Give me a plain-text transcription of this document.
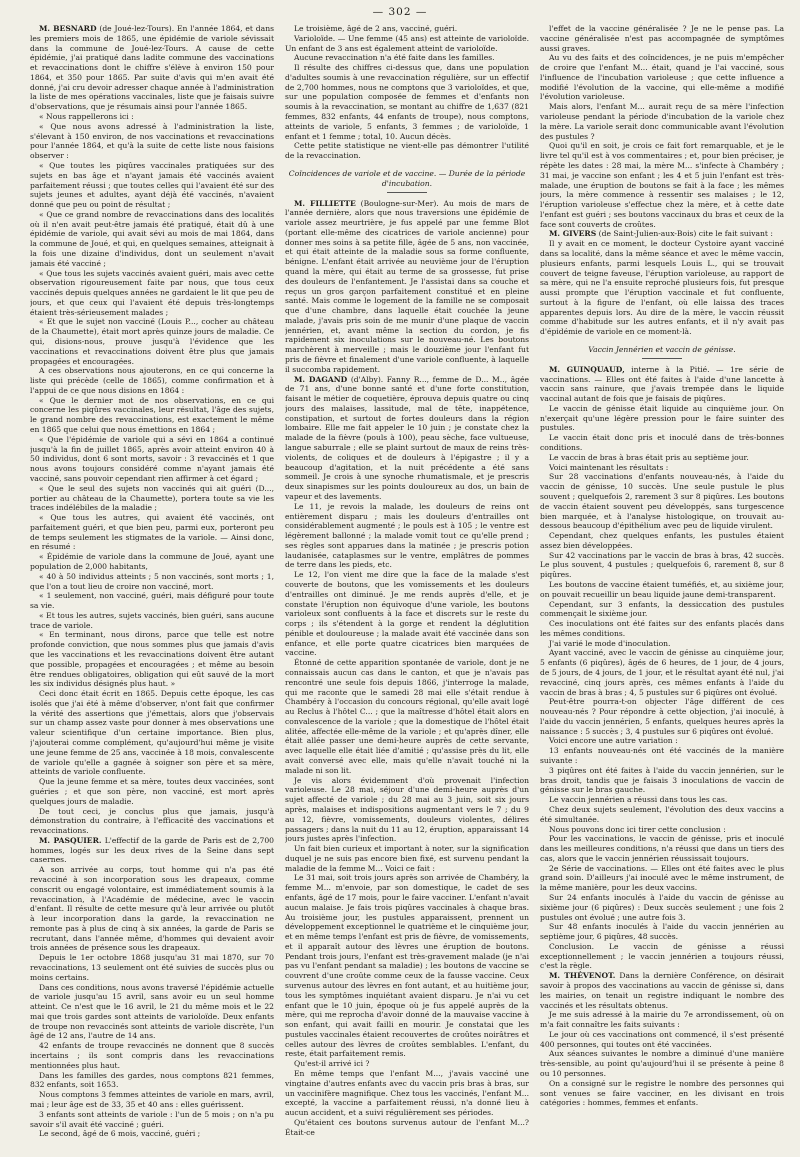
— 302 —

M. BESNARD (de Joué-lez-Tours). En l'année 1864, et dans les premiers mois de 1865, une épidémie de variole sévissait dans la commune de Joué-lez-Tours. A cause de cette épidémie, j'ai pratiqué dans ladite commune des vaccinations et revaccinations dont le chiffre s'élève à environ 150 pour 1864, et 350 pour 1865. Par suite d'avis qui m'en avait été donné, j'ai cru devoir adresser chaque année à l'administration la liste de mes opérations vaccinales, liste que je faisais suivre d'observations, que je résumais ainsi pour l'année 1865.

« Nous rappellerons ici :

« Que nous avons adressé à l'administration la liste, s'élevant à 150 environ, de nos vaccinations et revaccinations pour l'année 1864, et qu'à la suite de cette liste nous faisions observer :

« Que toutes les piqûres vaccinales pratiquées sur des sujets en bas âge et n'ayant jamais été vaccinés avaient parfaitement réussi ; que toutes celles qui l'avaient été sur des sujets jeunes et adultes, ayant déjà été vaccinés, n'avaient donné que peu ou point de résultat ;

« Que ce grand nombre de revaccinations dans des localités où il n'en avait peut-être jamais été pratiqué, était dû à une épidémie de variole, qui avait sévi au mois de mai 1864, dans la commune de Joué, et qui, en quelques semaines, atteignait à la fois une dizaine d'individus, dont un seulement n'avait jamais été vacciné ;

« Que tous les sujets vaccinés avaient guéri, mais avec cette observation rigoureusement faite par nous, que tous ceux vaccinés depuis quelques années ne gardaient le lit que peu de jours, et que ceux qui l'avaient été depuis très-longtemps étaient très-sérieusement malades ;

« Et que le sujet non vacciné (Louis P..., cocher au château de la Chaumette), était mort après quinze jours de maladie. Ce qui, disions-nous, prouve jusqu'à l'évidence que les vaccinations et revaccinations doivent être plus que jamais propagées et encouragées.

A ces observations nous ajouterons, en ce qui concerne la liste qui précède (celle de 1865), comme confirmation et à l'appui de ce que nous disions en 1864 :

« Que le dernier mot de nos observations, en ce qui concerne les piqûres vaccinales, leur résultat, l'âge des sujets, le grand nombre des revaccinations, est exactement le même en 1865 que celui que nous émettions en 1864 ;

« Que l'épidémie de variole qui a sévi en 1864 a continué jusqu'à la fin de juillet 1865, après avoir atteint environ 40 à 50 individus, dont 6 sont morts, savoir : 3 revaccinés et 1 que nous avons toujours considéré comme n'ayant jamais été vacciné, sans pouvoir cependant rien affirmer à cet égard ;

« Que le seul des sujets non vaccinés qui ait guéri (D..., portier au château de la Chaumette), portera toute sa vie les traces indélébiles de la maladie ;

« Que tous les autres, qui avaient été vaccinés, ont parfaitement guéri, et que bien peu, parmi eux, porteront peu de temps seulement les stigmates de la variole. — Ainsi donc, en résumé :

« Épidémie de variole dans la commune de Joué, ayant une population de 2,000 habitants,

« 40 à 50 individus atteints ; 5 non vaccinés, sont morts ; 1, que l'on a tout lieu de croire non vacciné, mort.

« 1 seulement, non vacciné, guéri, mais défiguré pour toute sa vie.

« Et tous les autres, sujets vaccinés, bien guéri, sans aucune trace de variole.

« En terminant, nous dirons, parce que telle est notre profonde conviction, que nous sommes plus que jamais d'avis que les vaccinations et les revaccinations doivent être autant que possible, propagées et encouragées ; et même au besoin être rendues obligatoires, obligation qui eût sauvé de la mort les six individus désignés plus haut. »

Ceci donc était écrit en 1865. Depuis cette époque, les cas isolés que j'ai été à même d'observer, n'ont fait que confirmer la vérité des assertions que j'émettais, alors que j'observais sur un champ assez vaste pour donner à mes observations une valeur scientifique d'un certaine importance. Bien plus, j'ajouterai comme complément, qu'aujourd'hui même je visite une jeune femme de 25 ans, vaccinée à 18 mois, convalescente de variole qu'elle a gagnée à soigner son père et sa mère, atteints de variole confluente.

Que la jeune femme et sa mère, toutes deux vaccinées, sont guéries ; et que son père, non vacciné, est mort après quelques jours de maladie.

De tout ceci, je conclus plus que jamais, jusqu'à démonstration du contraire, à l'efficacité des vaccinations et revaccinations.

M. PASQUIER. L'effectif de la garde de Paris est de 2,700 hommes, logés sur les deux rives de la Seine dans sept casernes.

A son arrivée au corps, tout homme qui n'a pas été revacciné à son incorporation sous les drapeaux, comme conscrit ou engagé volontaire, est immédiatement soumis à la revaccination, à l'Académie de médecine, avec le vaccin d'enfant. Il résulte de cette mesure qu'à leur arrivée ou plutôt à leur incorporation dans la garde, la revaccination ne remonte pas à plus de cinq à six années, la garde de Paris se recrutant, dans l'année même, d'hommes qui devaient avoir trois années de présence sous les drapeaux.

Depuis le 1er octobre 1868 jusqu'au 31 mai 1870, sur 70 revaccinations, 13 seulement ont été suivies de succès plus ou moins certains.

Dans ces conditions, nous avons traversé l'épidémie actuelle de variole jusqu'au 15 avril, sans avoir eu un seul homme atteint. Ce n'est que le 16 avril, le 21 du même mois et le 22 mai que trois gardes sont atteints de varioloïde. Deux enfants de troupe non revaccinés sont atteints de variole discrète, l'un âgé de 12 ans, l'autre de 14 ans.

42 enfants de troupe revaccinés ne donnent que 8 succès incertains ; ils sont compris dans les revaccinations mentionnées plus haut.

Dans les familles des gardes, nous comptons 821 femmes, 832 enfants, soit 1653.

Nous comptons 3 femmes atteintes de variole en mars, avril, mai ; leur âge est de 33, 35 et 40 ans : elles guérissent.

3 enfants sont atteints de variole : l'un de 5 mois ; on n'a pu savoir s'il avait été vacciné ; guéri.

Le second, âgé de 6 mois, vacciné, guéri ;

Le troisième, âgé de 2 ans, vacciné, guéri.

Varioloïde. — Une femme (45 ans) est atteinte de varioloïde. Un enfant de 3 ans est également atteint de varioloïde.

Aucune revaccination n'a été faite dans les familles.

Il résulte des chiffres ci-dessus que, dans une population d'adultes soumis à une revaccination régulière, sur un effectif de 2,700 hommes, nous ne comptons que 3 varioloïdes, et que, sur une population composée de femmes et d'enfants non soumis à la revaccination, se montant au chiffre de 1,637 (821 femmes, 832 enfants, 44 enfants de troupe), nous comptons, atteints de variole, 5 enfants, 3 femmes ; de varioloïde, 1 enfant et 1 femme ; total, 10. Aucun décès.

Cette petite statistique ne vient-elle pas démontrer l'utilité de la revaccination.

Coïncidences de variole et de vaccine. — Durée de la période d'incubation.

M. FILLIETTE (Boulogne-sur-Mer). Au mois de mars de l'année dernière, alors que nous traversions une épidémie de variole assez meurtrière, je fus appelé par une femme Blot (portant elle-même des cicatrices de variole ancienne) pour donner mes soins à sa petite fille, âgée de 5 ans, non vaccinée, et qui était atteinte de la maladie sous sa forme confluente, bénigne. L'enfant était arrivée au neuvième jour de l'éruption quand la mère, qui était au terme de sa grossesse, fut prise des douleurs de l'enfantement. Je l'assistai dans sa couche et reçus un gros garçon parfaitement constitué et en pleine santé. Mais comme le logement de la famille ne se composait que d'une chambre, dans laquelle était couchée la jeune malade, j'avais pris soin de me munir d'une plaque de vaccin jennérien, et, avant même la section du cordon, je fis rapidement six inoculations sur le nouveau-né. Les boutons marchèrent à merveille ; mais le douzième jour l'enfant fut pris de fièvre et finalement d'une variole confluente, à laquelle il succomba rapidement.

M. DAGAND (d'Alby). Fanny R..., femme de D... M.., âgée de 71 ans, d'une bonne santé et d'une forte constitution, faisant le métier de coquetière, éprouva depuis quatre ou cinq jours des malaises, lassitude, mal de tête, inappétence, constipation, et surtout de fortes douleurs dans la région lombaire. Elle me fait appeler le 10 juin ; je constate chez la malade de la fièvre (pouls à 100), peau sèche, face vultueuse, langue saburrale ; elle se plaint surtout de maux de reins très-violents, de coliques et de douleurs à l'épigastre ; il y a beaucoup d'agitation, et la nuit précédente a été sans sommeil. Je crois à une synoche rhumatismale, et je prescris deux sinapismes sur les points douloureux au dos, un bain de vapeur et des lavements.

Le 11, je revois la malade, les douleurs de reins ont entièrement disparu ; mais les douleurs d'entrailles ont considérablement augmenté ; le pouls est à 105 ; le ventre est légèrement ballonné ; la malade vomit tout ce qu'elle prend ; ses règles sont apparues dans la matinée ; je prescris potion laudanisée, cataplasmes sur le ventre, emplâtres de pommes de terre dans les pieds, etc.

Le 12, l'on vient me dire que la face de la malade s'est couverte de boutons, que les vomissements et les douleurs d'entrailles ont diminué. Je me rends auprès d'elle, et je constate l'éruption non équivoque d'une variole, les boutons varioleux sont confluents à la face et discrets sur le reste du corps ; ils s'étendent à la gorge et rendent la déglutition pénible et douloureuse ; la malade avait été vaccinée dans son enfance, et elle porte quatre cicatrices bien marquées de vaccine.

Étonné de cette apparition spontanée de variole, dont je ne connaissais aucun cas dans le canton, et que je n'avais pas rencontré une seule fois depuis 1866, j'interroge la malade, qui me raconte que le samedi 28 mai elle s'était rendue à Chambéry à l'occasion du concours régional, qu'elle avait logé au Reclus à l'hôtel C... ; que la maîtresse d'hôtel était alors en convalescence de la variole ; que la domestique de l'hôtel était alitée, affectée elle-même de la variole ; et qu'après dîner, elle était allée passer une demi-heure auprès de cette servante, avec laquelle elle était liée d'amitié ; qu'assise près du lit, elle avait conversé avec elle, mais qu'elle n'avait touché ni la malade ni son lit.

Je vis alors évidemment d'où provenait l'infection varioleuse. Le 28 mai, séjour d'une demi-heure auprès d'un sujet affecté de variole ; du 28 mai au 3 juin, soit six jours après, malaises et indispositions augmentant vers le 7 ; du 9 au 12, fièvre, vomissements, douleurs violentes, délires passagers ; dans la nuit du 11 au 12, éruption, apparaissant 14 jours justes après l'infection.

Un fait bien curieux et important à noter, sur la signification duquel je ne suis pas encore bien fixé, est survenu pendant la maladie de la femme M... Voici ce fait :

Le 31 mai, soit trois jours après son arrivée de Chambéry, la femme M... m'envoie, par son domestique, le cadet de ses enfants, âgé de 17 mois, pour le faire vacciner. L'enfant n'avait aucun malaise. Je fais trois piqûres vaccinales à chaque bras. Au troisième jour, les pustules apparaissent, prennent un développement exceptionnel le quatrième et le cinquième jour, et en même temps l'enfant est pris de fièvre, de vomissements, et il apparaît autour des lèvres une éruption de boutons. Pendant trois jours, l'enfant est très-gravement malade (je n'ai pas vu l'enfant pendant sa maladie) ; les boutons de vaccine se couvrent d'une croûte comme ceux de la fausse vaccine. Ceux survenus autour des lèvres en font autant, et au huitième jour, tous les symptômes inquiétant avaient disparu. Je n'ai vu cet enfant que le 10 juin, époque où je fus appelé auprès de la mère, qui me reprocha d'avoir donné de la mauvaise vaccine à son enfant, qui avait failli en mourir. Je constatai que les pustules vaccinales étaient recouvertes de croûtes noirâtres et celles autour des lèvres de croûtes semblables. L'enfant, du reste, était parfaitement remis.

Qu'est-il arrivé ici ?

En même temps que l'enfant M..., j'avais vacciné une vingtaine d'autres enfants avec du vaccin pris bras à bras, sur un vaccinifère magnifique. Chez tous les vaccinés, l'enfant M... excepté, la vaccine a parfaitement réussi, n'a donné lieu à aucun accident, et a suivi régulièrement ses périodes.

Qu'étaient ces boutons survenus autour de l'enfant M...? Était-ce

l'effet de la vaccine généralisée ? Je ne le pense pas. La vaccine généralisée n'est pas accompagnée de symptômes aussi graves.

Au vu des faits et des coïncidences, je ne puis m'empêcher de croire que l'enfant M... était, quand je l'ai vacciné, sous l'influence de l'incubation varioleuse ; que cette influence a modifié l'évolution de la vaccine, qui elle-même a modifié l'évolution varioleuse.

Mais alors, l'enfant M... aurait reçu de sa mère l'infection varioleuse pendant la période d'incubation de la variole chez la mère. La variole serait donc communicable avant l'évolution des pustules ?

Quoi qu'il en soit, je crois ce fait fort remarquable, et je le livre tel qu'il est à vos commentaires ; et, pour bien préciser, je répète les dates : 28 mai, la mère M... s'infecte à Chambéry ; 31 mai, je vaccine son enfant ; les 4 et 5 juin l'enfant est très-malade, une éruption de boutons se fait à la face ; les mêmes jours, la mère commence à ressentir ses malaises ; le 12, l'éruption varioleuse s'effectue chez la mère, et à cette date l'enfant est guéri ; ses boutons vaccinaux du bras et ceux de la face sont couverts de croûtes.

M. GIVERS (de Saint-Julien-aux-Bois) cite le fait suivant :

Il y avait en ce moment, le docteur Cystoire ayant vacciné dans sa localité, dans la même séance et avec le même vaccin, plusieurs enfants, parmi lesquels Louis L., qui se trouvait couvert de teigne faveuse, l'éruption varioleuse, au rapport de sa mère, qui ne l'a ensuite reproché plusieurs fois, fut presque aussi prompte que l'éruption vaccinale et fut confluente, surtout à la figure de l'enfant, où elle laissa des traces apparentes depuis lors. Au dire de la mère, le vaccin réussit comme d'habitude sur les autres enfants, et il n'y avait pas d'épidémie de variole en ce moment-là.

Vaccin Jennérien et vaccin de génisse.

M. GUINQUAUD, interne à la Pitié. — 1re série de vaccinations. — Elles ont été faites à l'aide d'une lancette à vaccin sans rainure, que j'avais trempée dans le liquide vaccinal autant de fois que je faisais de piqûres.

Le vaccin de génisse était liquide au cinquième jour. On n'exerçait qu'une légère pression pour le faire suinter des pustules.

Le vaccin était donc pris et inoculé dans de très-bonnes conditions.

Le vaccin de bras à bras était pris au septième jour.

Voici maintenant les résultats :

Sur 28 vaccinations d'enfants nouveau-nés, à l'aide du vaccin de génisse, 10 succès. Une seule pustule le plus souvent ; quelquefois 2, rarement 3 sur 8 piqûres. Les boutons de vaccin étaient souvent peu développés, sans turgescence bien marquée, et à l'analyse histologique, on trouvait au-dessous beaucoup d'épithélium avec peu de liquide virulent.

Cependant, chez quelques enfants, les pustules étaient assez bien développées.

Sur 42 vaccinations par le vaccin de bras à bras, 42 succès. Le plus souvent, 4 pustules ; quelquefois 6, rarement 8, sur 8 piqûres.

Les boutons de vaccine étaient tuméfiés, et, au sixième jour, on pouvait recueillir un beau liquide jaune demi-transparent.

Cependant, sur 3 enfants, la dessiccation des pustules commençait le sixième jour.

Ces inoculations ont été faites sur des enfants placés dans les mêmes conditions.

J'ai varié le mode d'inoculation.

Ayant vacciné, avec le vaccin de génisse au cinquième jour, 5 enfants (6 piqûres), âgés de 6 heures, de 1 jour, de 4 jours, de 5 jours, de 4 jours, de 1 jour, et le résultat ayant été nul, j'ai revacciné, cinq jours après, ces mêmes enfants à l'aide du vaccin de bras à bras ; 4, 5 pustules sur 6 piqûres ont évolué.

Peut-être pourra-t-on objecter l'âge différent de ces nouveau-nés ? Pour répondre à cette objection, j'ai inoculé, à l'aide du vaccin jennérien, 5 enfants, quelques heures après la naissance : 5 succès ; 3, 4 pustules sur 6 piqûres ont évolué.

Voici encore une autre variation :

13 enfants nouveau-nés ont été vaccinés de la manière suivante :

3 piqûres ont été faites à l'aide du vaccin jennérien, sur le bras droit, tandis que je faisais 3 inoculations de vaccin de génisse sur le bras gauche.

Le vaccin jennérien a réussi dans tous les cas.

Chez deux sujets seulement, l'évolution des deux vaccins a été simultanée.

Nous pouvons donc ici tirer cette conclusion :

Pour les vaccinations, le vaccin de génisse, pris et inoculé dans les meilleures conditions, n'a réussi que dans un tiers des cas, alors que le vaccin jennérien réussissait toujours.

2e Série de vaccinations. — Elles ont été faites avec le plus grand soin. D'ailleurs j'ai inoculé avec le même instrument, de la même manière, pour les deux vaccins.

Sur 24 enfants inoculés à l'aide du vaccin de génisse au sixième jour (6 piqûres) : Deux succès seulement ; une fois 2 pustules ont évolué ; une autre fois 3.

Sur 48 enfants inoculés à l'aide du vaccin jennérien au septième jour, 6 piqûres, 48 succès.

Conclusion. Le vaccin de génisse a réussi exceptionnellement ; le vaccin jennérien a toujours réussi, c'est la règle.

M. THÉVENOT. Dans la dernière Conférence, on désirait savoir à propos des vaccinations au vaccin de génisse si, dans les mairies, on tenait un registre indiquant le nombre des vaccinés et les résultats obtenus.

Je me suis adressé à la mairie du 7e arrondissement, où on m'a fait connaître les faits suivants :

Le jour où ces vaccinations ont commencé, il s'est présenté 400 personnes, qui toutes ont été vaccinées.

Aux séances suivantes le nombre a diminué d'une manière très-sensible, au point qu'aujourd'hui il se présente à peine 8 ou 10 personnes.

On a consigné sur le registre le nombre des personnes qui sont venues se faire vacciner, en les divisant en trois catégories : hommes, femmes et enfants.
